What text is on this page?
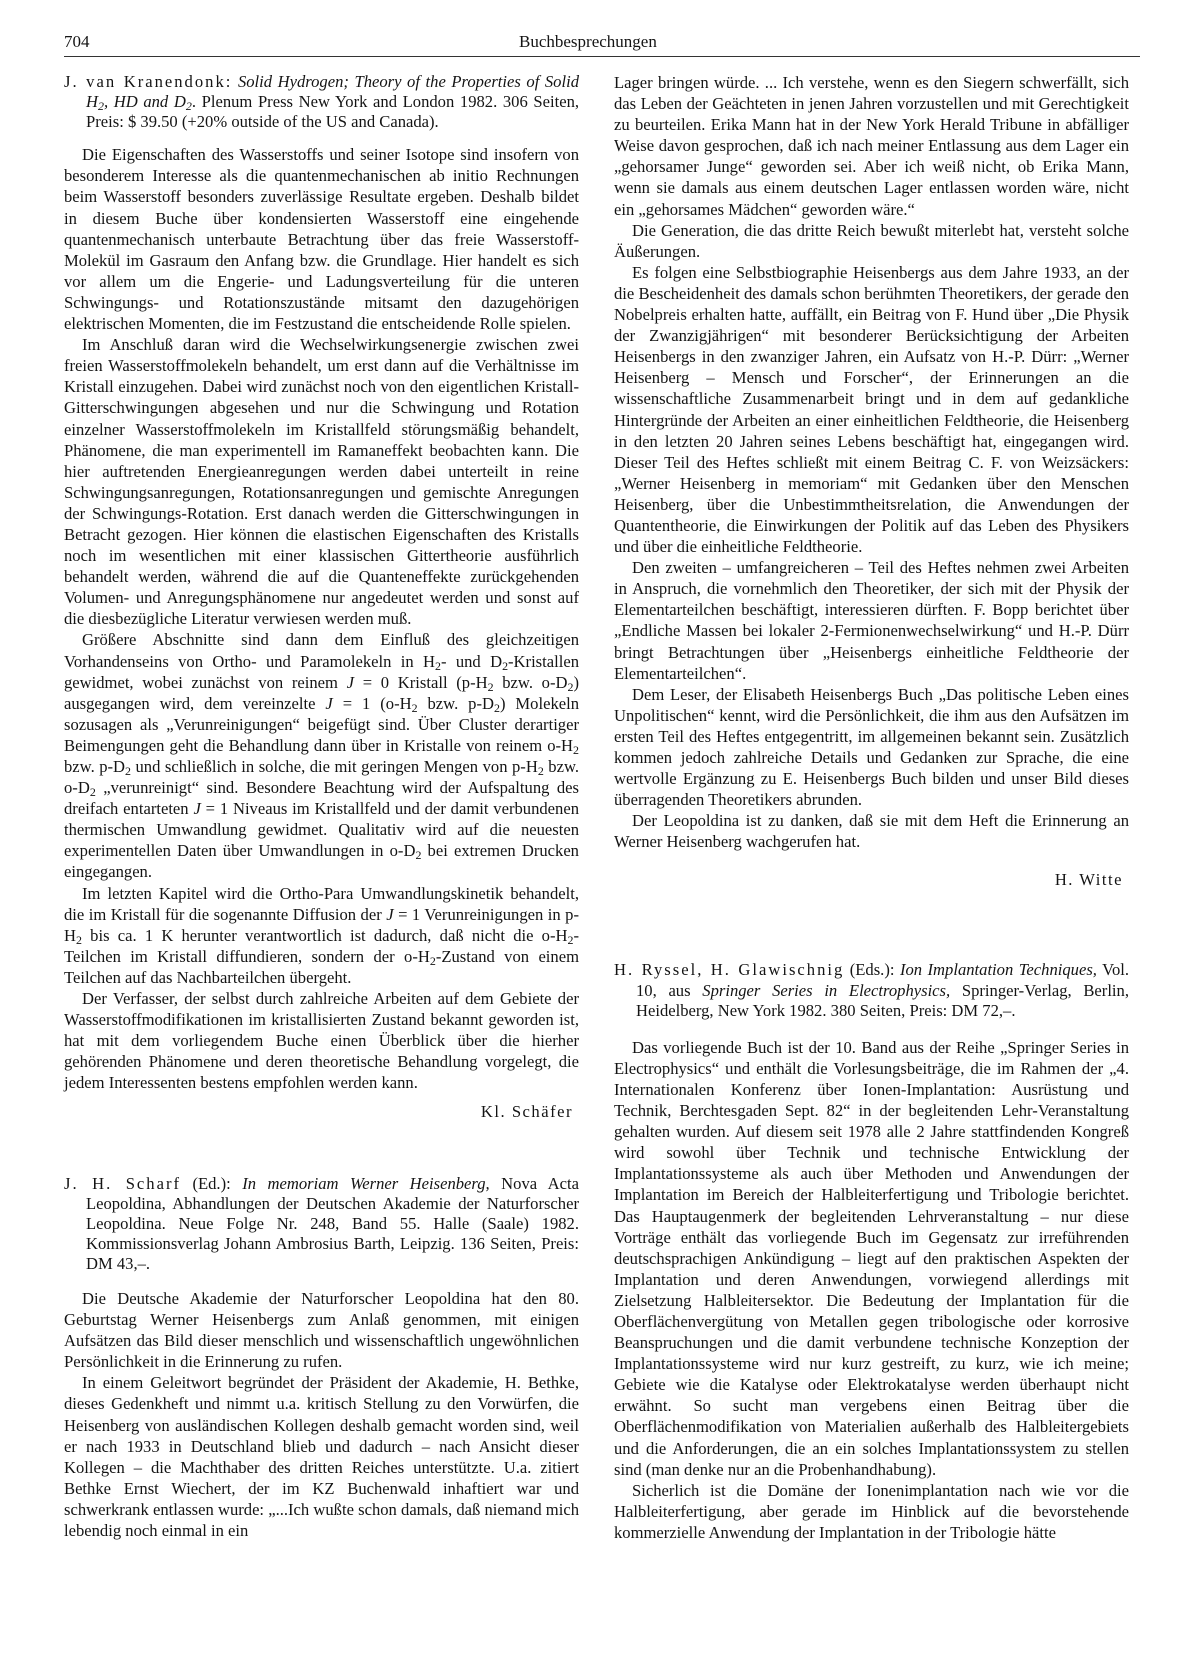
704	Buchbesprechungen

J. van Kranendonk: Solid Hydrogen; Theory of the Properties of Solid $H_2$, HD and $D_2$. Plenum Press New York and London 1982. 306 Seiten, Preis: $ 39.50 (+20% outside of the US and Canada).

Die Eigenschaften des Wasserstoffs und seiner Isotope sind insofern von besonderem Interesse als die quantenmechanischen ab initio Rechnungen beim Wasserstoff besonders zuverlässige Resultate ergeben. Deshalb bildet in diesem Buche über kondensierten Wasserstoff eine eingehende quantenmechanisch unterbaute Betrachtung über das freie Wasserstoff-Molekül im Gasraum den Anfang bzw. die Grundlage. Hier handelt es sich vor allem um die Engerie- und Ladungsverteilung für die unteren Schwingungs- und Rotationszustände mitsamt den dazugehörigen elektrischen Momenten, die im Festzustand die entscheidende Rolle spielen.

Im Anschluß daran wird die Wechselwirkungsenergie zwischen zwei freien Wasserstoffmolekeln behandelt, um erst dann auf die Verhältnisse im Kristall einzugehen. Dabei wird zunächst noch von den eigentlichen Kristall-Gitterschwingungen abgesehen und nur die Schwingung und Rotation einzelner Wasserstoffmolekeln im Kristallfeld störungsmäßig behandelt, Phänomene, die man experimentell im Ramaneffekt beobachten kann. Die hier auftretenden Energieanregungen werden dabei unterteilt in reine Schwingungsanregungen, Rotationsanregungen und gemischte Anregungen der Schwingungs-Rotation. Erst danach werden die Gitterschwingungen in Betracht gezogen. Hier können die elastischen Eigenschaften des Kristalls noch im wesentlichen mit einer klassischen Gittertheorie ausführlich behandelt werden, während die auf die Quanteneffekte zurückgehenden Volumen- und Anregungsphänomene nur angedeutet werden und sonst auf die diesbezügliche Literatur verwiesen werden muß.

Größere Abschnitte sind dann dem Einfluß des gleichzeitigen Vorhandenseins von Ortho- und Paramolekeln in $H_2-$ und $D_2$-Kristallen gewidmet, wobei zunächst von reinem J = 0 Kristall ($p-H_2$ bzw. $o-D_2$) ausgegangen wird, dem vereinzelte J = 1 ($o-H_2$ bzw. $p-D_2$) Molekeln sozusagen als „Verunreinigungen“ beigefügt sind. Über Cluster derartiger Beimengungen geht die Behandlung dann über in Kristalle von reinem $o-H_2$ bzw. $p-D_2$ und schließlich in solche, die mit geringen Mengen von $p-H_2$ bzw. $o-D_2$ „verunreinigt“ sind. Besondere Beachtung wird der Aufspaltung des dreifach entarteten J = 1 Niveaus im Kristallfeld und der damit verbundenen thermischen Umwandlung gewidmet. Qualitativ wird auf die neuesten experimentellen Daten über Umwandlungen in $o-D_2$ bei extremen Drucken eingegangen.

Im letzten Kapitel wird die Ortho-Para Umwandlungskinetik behandelt, die im Kristall für die sogenannte Diffusion der J = 1 Verunreinigungen in $p-H_2$ bis ca. 1 K herunter verantwortlich ist dadurch, daß nicht die $o-H_2$-Teilchen im Kristall diffundieren, sondern der $o-H_2$-Zustand von einem Teilchen auf das Nachbarteilchen übergeht.

Der Verfasser, der selbst durch zahlreiche Arbeiten auf dem Gebiete der Wasserstoffmodifikationen im kristallisierten Zustand bekannt geworden ist, hat mit dem vorliegendem Buche einen Überblick über die hierher gehörenden Phänomene und deren theoretische Behandlung vorgelegt, die jedem Interessenten bestens empfohlen werden kann.

Kl. Schäfer

J. H. Scharf (Ed.): In memoriam Werner Heisenberg, Nova Acta Leopoldina, Abhandlungen der Deutschen Akademie der Naturforscher Leopoldina. Neue Folge Nr. 248, Band 55. Halle (Saale) 1982. Kommissionsverlag Johann Ambrosius Barth, Leipzig. 136 Seiten, Preis: DM 43,–.

Die Deutsche Akademie der Naturforscher Leopoldina hat den 80. Geburtstag Werner Heisenbergs zum Anlaß genommen, mit einigen Aufsätzen das Bild dieser menschlich und wissenschaftlich ungewöhnlichen Persönlichkeit in die Erinnerung zu rufen.

In einem Geleitwort begründet der Präsident der Akademie, H. Bethke, dieses Gedenkheft und nimmt u.a. kritisch Stellung zu den Vorwürfen, die Heisenberg von ausländischen Kollegen deshalb gemacht worden sind, weil er nach 1933 in Deutschland blieb und dadurch – nach Ansicht dieser Kollegen – die Machthaber des dritten Reiches unterstützte. U.a. zitiert Bethke Ernst Wiechert, der im KZ Buchenwald inhaftiert war und schwerkrank entlassen wurde: „...Ich wußte schon damals, daß niemand mich lebendig noch einmal in ein

Lager bringen würde. ... Ich verstehe, wenn es den Siegern schwerfällt, sich das Leben der Geächteten in jenen Jahren vorzustellen und mit Gerechtigkeit zu beurteilen. Erika Mann hat in der New York Herald Tribune in abfälliger Weise davon gesprochen, daß ich nach meiner Entlassung aus dem Lager ein „gehorsamer Junge“ geworden sei. Aber ich weiß nicht, ob Erika Mann, wenn sie damals aus einem deutschen Lager entlassen worden wäre, nicht ein „gehorsames Mädchen“ geworden wäre.“

Die Generation, die das dritte Reich bewußt miterlebt hat, versteht solche Äußerungen.

Es folgen eine Selbstbiographie Heisenbergs aus dem Jahre 1933, an der die Bescheidenheit des damals schon berühmten Theoretikers, der gerade den Nobelpreis erhalten hatte, auffällt, ein Beitrag von F. Hund über „Die Physik der Zwanzigjährigen“ mit besonderer Berücksichtigung der Arbeiten Heisenbergs in den zwanziger Jahren, ein Aufsatz von H.-P. Dürr: „Werner Heisenberg – Mensch und Forscher“, der Erinnerungen an die wissenschaftliche Zusammenarbeit bringt und in dem auf gedankliche Hintergründe der Arbeiten an einer einheitlichen Feldtheorie, die Heisenberg in den letzten 20 Jahren seines Lebens beschäftigt hat, eingegangen wird. Dieser Teil des Heftes schließt mit einem Beitrag C. F. von Weizsäckers: „Werner Heisenberg in memoriam“ mit Gedanken über den Menschen Heisenberg, über die Unbestimmtheitsrelation, die Anwendungen der Quantentheorie, die Einwirkungen der Politik auf das Leben des Physikers und über die einheitliche Feldtheorie.

Den zweiten – umfangreicheren – Teil des Heftes nehmen zwei Arbeiten in Anspruch, die vornehmlich den Theoretiker, der sich mit der Physik der Elementarteilchen beschäftigt, interessieren dürften. F. Bopp berichtet über „Endliche Massen bei lokaler 2-Fermionenwechselwirkung“ und H.-P. Dürr bringt Betrachtungen über „Heisenbergs einheitliche Feldtheorie der Elementarteilchen“.

Dem Leser, der Elisabeth Heisenbergs Buch „Das politische Leben eines Unpolitischen“ kennt, wird die Persönlichkeit, die ihm aus den Aufsätzen im ersten Teil des Heftes entgegentritt, im allgemeinen bekannt sein. Zusätzlich kommen jedoch zahlreiche Details und Gedanken zur Sprache, die eine wertvolle Ergänzung zu E. Heisenbergs Buch bilden und unser Bild dieses überragenden Theoretikers abrunden.

Der Leopoldina ist zu danken, daß sie mit dem Heft die Erinnerung an Werner Heisenberg wachgerufen hat.

H. Witte

H. Ryssel, H. Glawischnig (Eds.): Ion Implantation Techniques, Vol. 10, aus Springer Series in Electrophysics, Springer-Verlag, Berlin, Heidelberg, New York 1982. 380 Seiten, Preis: DM 72,–.

Das vorliegende Buch ist der 10. Band aus der Reihe „Springer Series in Electrophysics“ und enthält die Vorlesungsbeiträge, die im Rahmen der „4. Internationalen Konferenz über Ionen-Implantation: Ausrüstung und Technik, Berchtesgaden Sept. 82“ in der begleitenden Lehr-Veranstaltung gehalten wurden. Auf diesem seit 1978 alle 2 Jahre stattfindenden Kongreß wird sowohl über Technik und technische Entwicklung der Implantationssysteme als auch über Methoden und Anwendungen der Implantation im Bereich der Halbleiterfertigung und Tribologie berichtet. Das Hauptaugenmerk der begleitenden Lehrveranstaltung – nur diese Vorträge enthält das vorliegende Buch im Gegensatz zur irreführenden deutschsprachigen Ankündigung – liegt auf den praktischen Aspekten der Implantation und deren Anwendungen, vorwiegend allerdings mit Zielsetzung Halbleitersektor. Die Bedeutung der Implantation für die Oberflächenvergütung von Metallen gegen tribologische oder korrosive Beanspruchungen und die damit verbundene technische Konzeption der Implantationssysteme wird nur kurz gestreift, zu kurz, wie ich meine; Gebiete wie die Katalyse oder Elektrokatalyse werden überhaupt nicht erwähnt. So sucht man vergebens einen Beitrag über die Oberflächenmodifikation von Materialien außerhalb des Halbleitergebiets und die Anforderungen, die an ein solches Implantationssystem zu stellen sind (man denke nur an die Probenhandhabung).

Sicherlich ist die Domäne der Ionenimplantation nach wie vor die Halbleiterfertigung, aber gerade im Hinblick auf die bevorstehende kommerzielle Anwendung der Implantation in der Tribologie hätte
